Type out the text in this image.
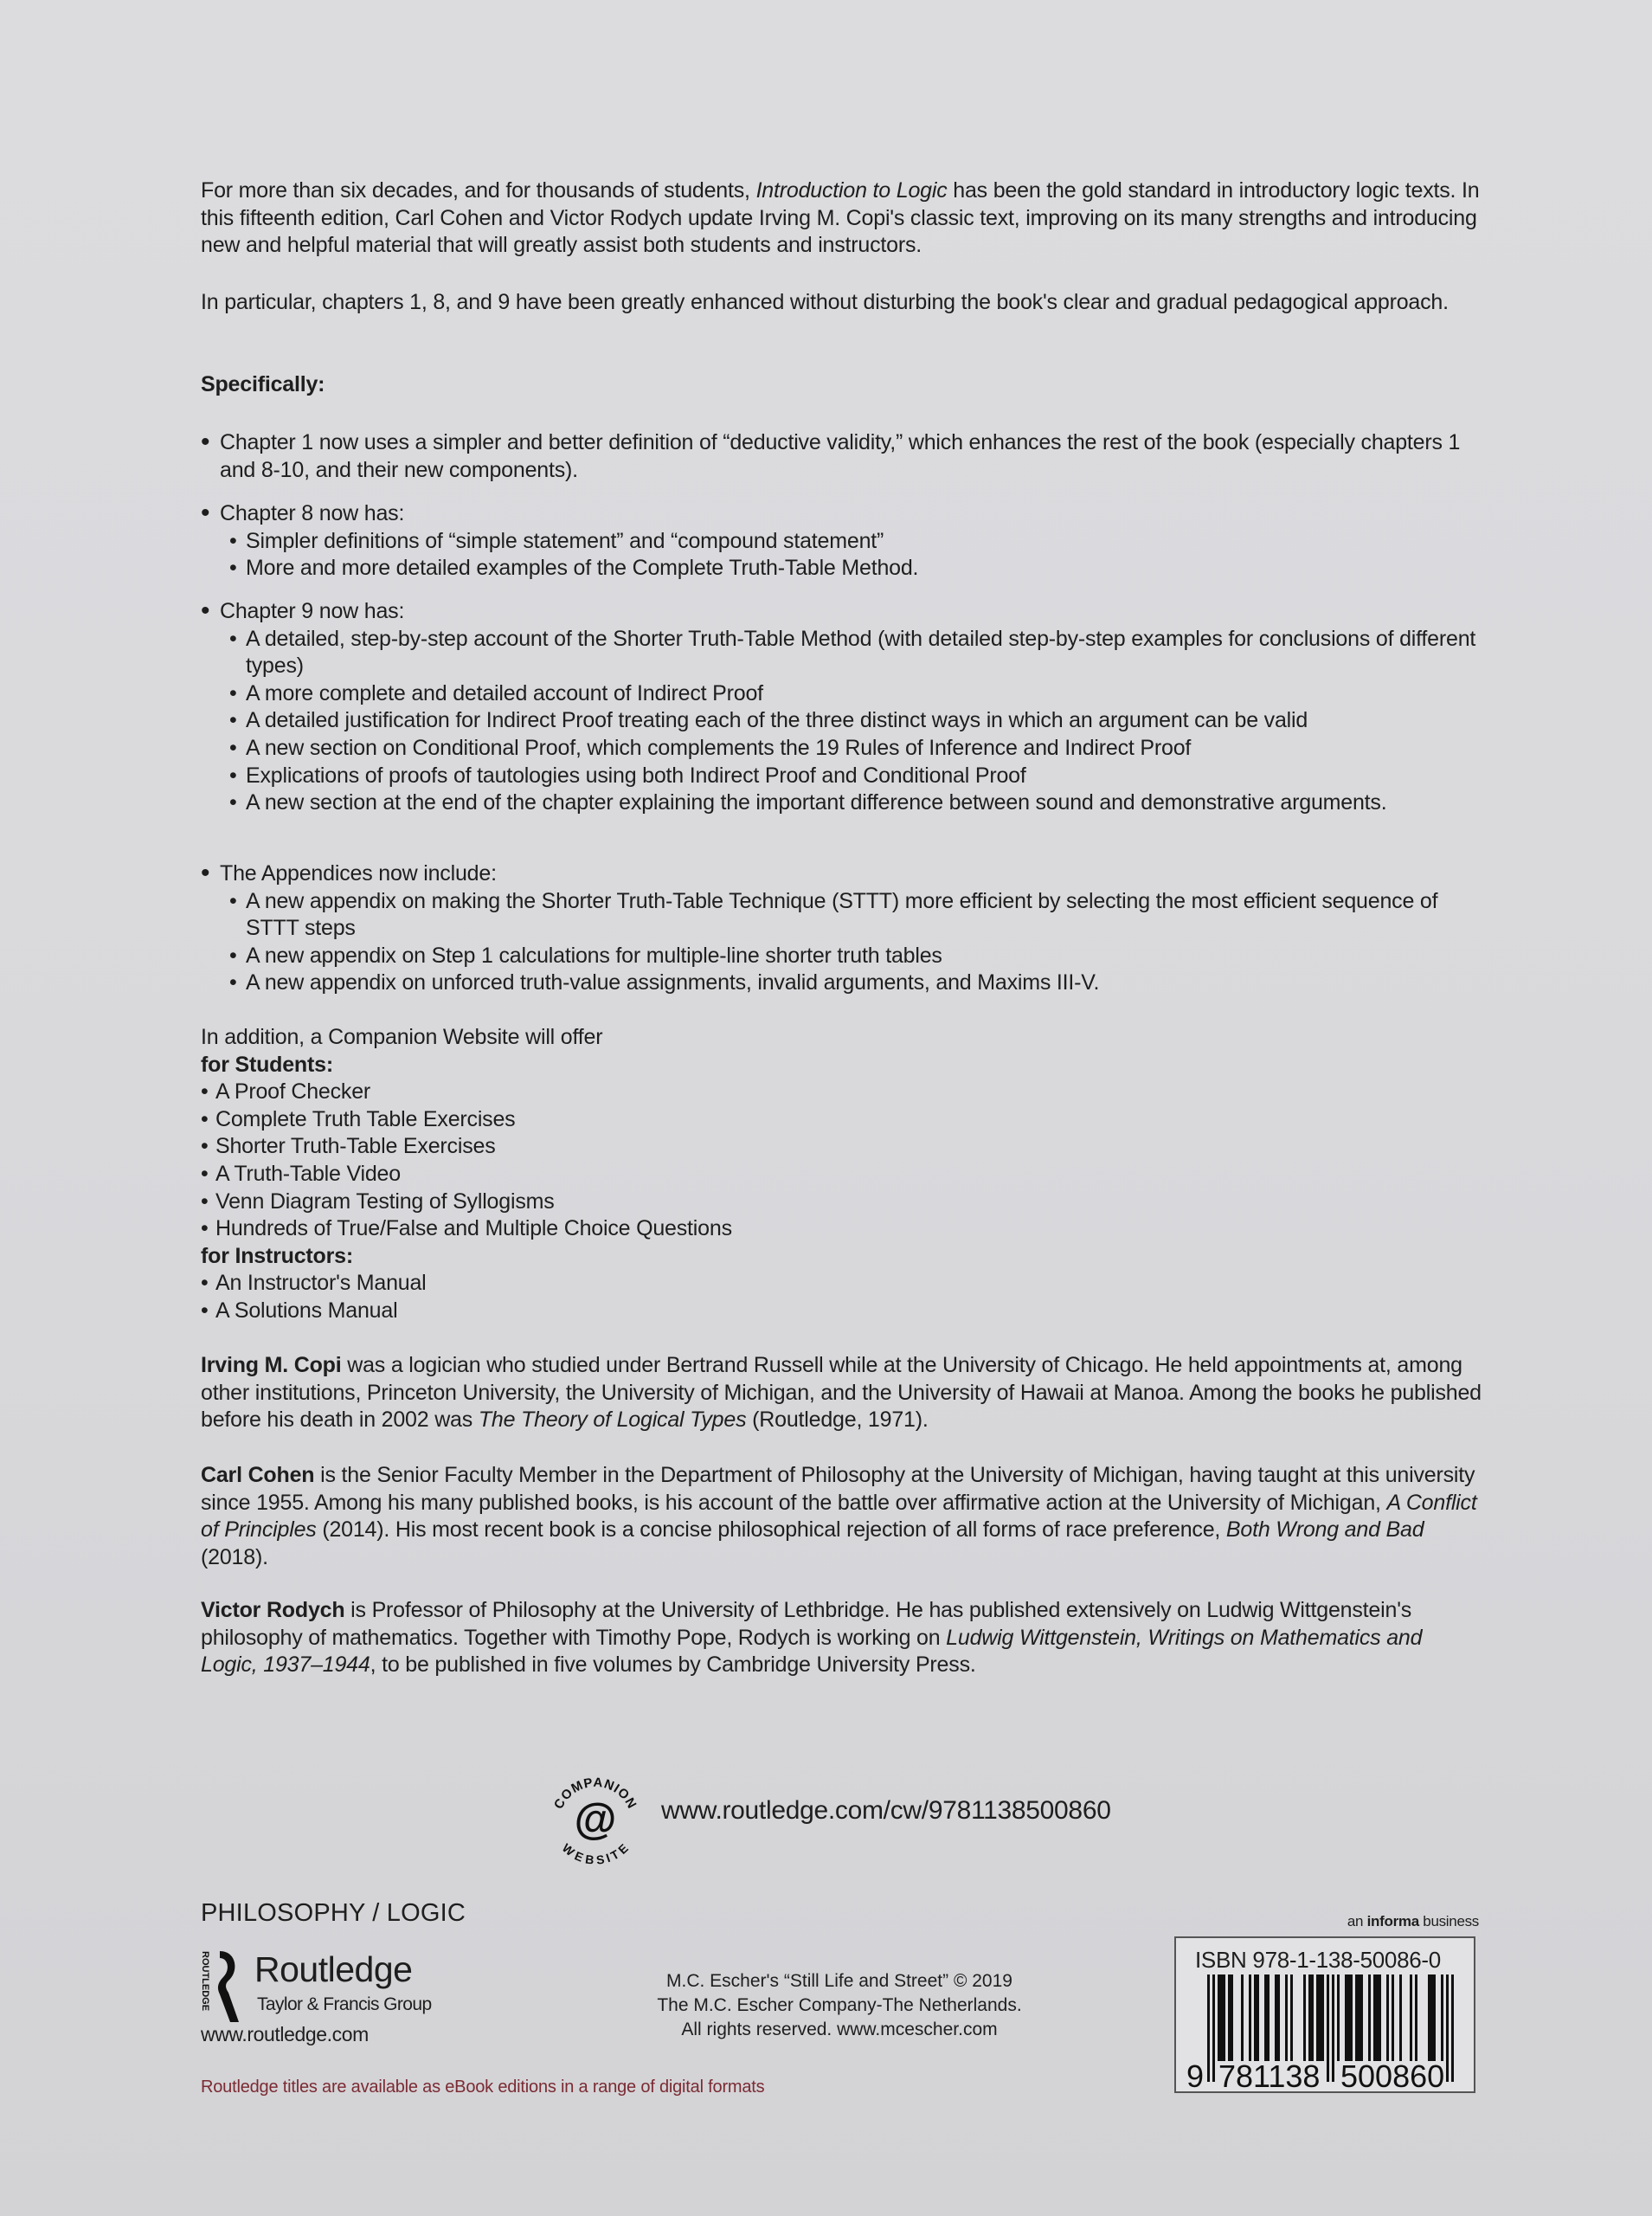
For more than six decades, and for thousands of students, Introduction to Logic has been the gold standard in introductory logic texts. In this fifteenth edition, Carl Cohen and Victor Rodych update Irving M. Copi's classic text, improving on its many strengths and introducing new and helpful material that will greatly assist both students and instructors.

In particular, chapters 1, 8, and 9 have been greatly enhanced without disturbing the book's clear and gradual pedagogical approach.

Specifically:

• Chapter 1 now uses a simpler and better definition of “deductive validity,” which enhances the rest of the book (especially chapters 1 and 8-10, and their new components).

• Chapter 8 now has:

• Simpler definitions of “simple statement” and “compound statement”

• More and more detailed examples of the Complete Truth-Table Method.

• Chapter 9 now has:

• A detailed, step-by-step account of the Shorter Truth-Table Method (with detailed step-by-step examples for conclusions of different types)

• A more complete and detailed account of Indirect Proof

• A detailed justification for Indirect Proof treating each of the three distinct ways in which an argument can be valid

• A new section on Conditional Proof, which complements the 19 Rules of Inference and Indirect Proof

• Explications of proofs of tautologies using both Indirect Proof and Conditional Proof

• A new section at the end of the chapter explaining the important difference between sound and demonstrative arguments.

• The Appendices now include:

• A new appendix on making the Shorter Truth-Table Technique (STTT) more efficient by selecting the most efficient sequence of STTT steps

• A new appendix on Step 1 calculations for multiple-line shorter truth tables

• A new appendix on unforced truth-value assignments, invalid arguments, and Maxims III-V.

In addition, a Companion Website will offer

for Students:

• A Proof Checker

• Complete Truth Table Exercises

• Shorter Truth-Table Exercises

• A Truth-Table Video

• Venn Diagram Testing of Syllogisms

• Hundreds of True/False and Multiple Choice Questions

for Instructors:

• An Instructor's Manual

• A Solutions Manual

Irving M. Copi was a logician who studied under Bertrand Russell while at the University of Chicago. He held appointments at, among other institutions, Princeton University, the University of Michigan, and the University of Hawaii at Manoa. Among the books he published before his death in 2002 was The Theory of Logical Types (Routledge, 1971).

Carl Cohen is the Senior Faculty Member in the Department of Philosophy at the University of Michigan, having taught at this university since 1955. Among his many published books, is his account of the battle over affirmative action at the University of Michigan, A Conflict of Principles (2014). His most recent book is a concise philosophical rejection of all forms of race preference, Both Wrong and Bad (2018).

Victor Rodych is Professor of Philosophy at the University of Lethbridge. He has published extensively on Ludwig Wittgenstein's philosophy of mathematics. Together with Timothy Pope, Rodych is working on Ludwig Wittgenstein, Writings on Mathematics and Logic, 1937–1944, to be published in five volumes by Cambridge University Press.

COMPANION
WEBSITE
@ www.routledge.com/cw/9781138500860
PHILOSOPHY / LOGIC
ROUTLEDGE Routledge
Taylor & Francis Group
www.routledge.com
M.C. Escher's “Still Life and Street” © 2019
The M.C. Escher Company-The Netherlands.
All rights reserved. www.mcescher.com
Routledge titles are available as eBook editions in a range of digital formats
an informa business
ISBN 978-1-138-50086-0
9 781138 500860
